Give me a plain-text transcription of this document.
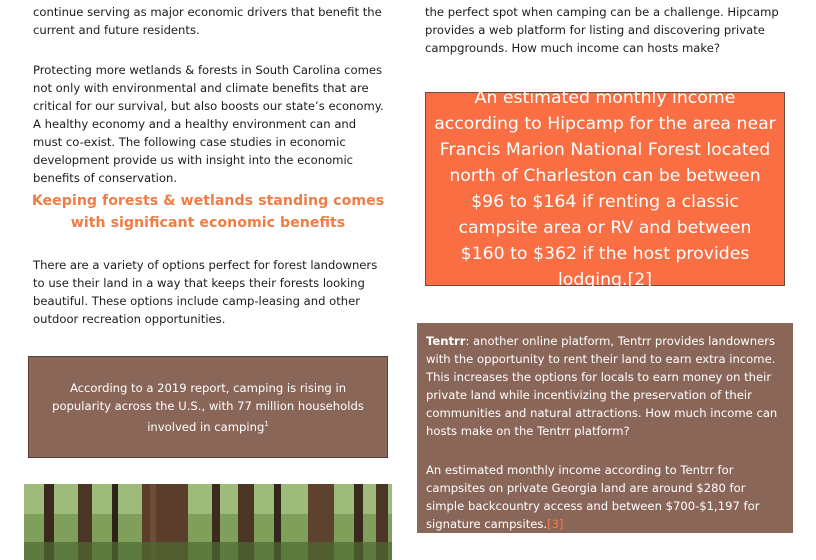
continue serving as major economic drivers that benefit the
current and future residents.

Protecting more wetlands & forests in South Carolina comes not only with environmental and climate benefits that are critical for our survival, but also boosts our state’s economy. A healthy economy and a healthy environment can and must co-exist. The following case studies in economic development provide us with insight into the economic benefits of conservation.

Keeping forests & wetlands standing comes
with significant economic benefits

There are a variety of options perfect for forest landowners to use their land in a way that keeps their forests looking beautiful. These options include camp-leasing and other outdoor recreation opportunities.

According to a 2019 report, camping is rising in popularity across the U.S., with 77 million households involved in camping$^1$

the perfect spot when camping can be a challenge. Hipcamp
provides a web platform for listing and discovering private
campgrounds. How much income can hosts make?

An estimated monthly income according to Hipcamp for the area near Francis Marion National Forest located north of Charleston can be between $96 to $164 if renting a classic campsite area or RV and between $160 to $362 if the host provides lodging.[2]

Tentrr: another online platform, Tentrr provides landowners with the opportunity to rent their land to earn extra income. This increases the options for locals to earn money on their private land while incentivizing the preservation of their communities and natural attractions. How much income can hosts make on the Tentrr platform?

An estimated monthly income according to Tentrr for campsites on private Georgia land are around $280 for simple backcountry access and between $700-$1,197 for signature campsites.[3]
